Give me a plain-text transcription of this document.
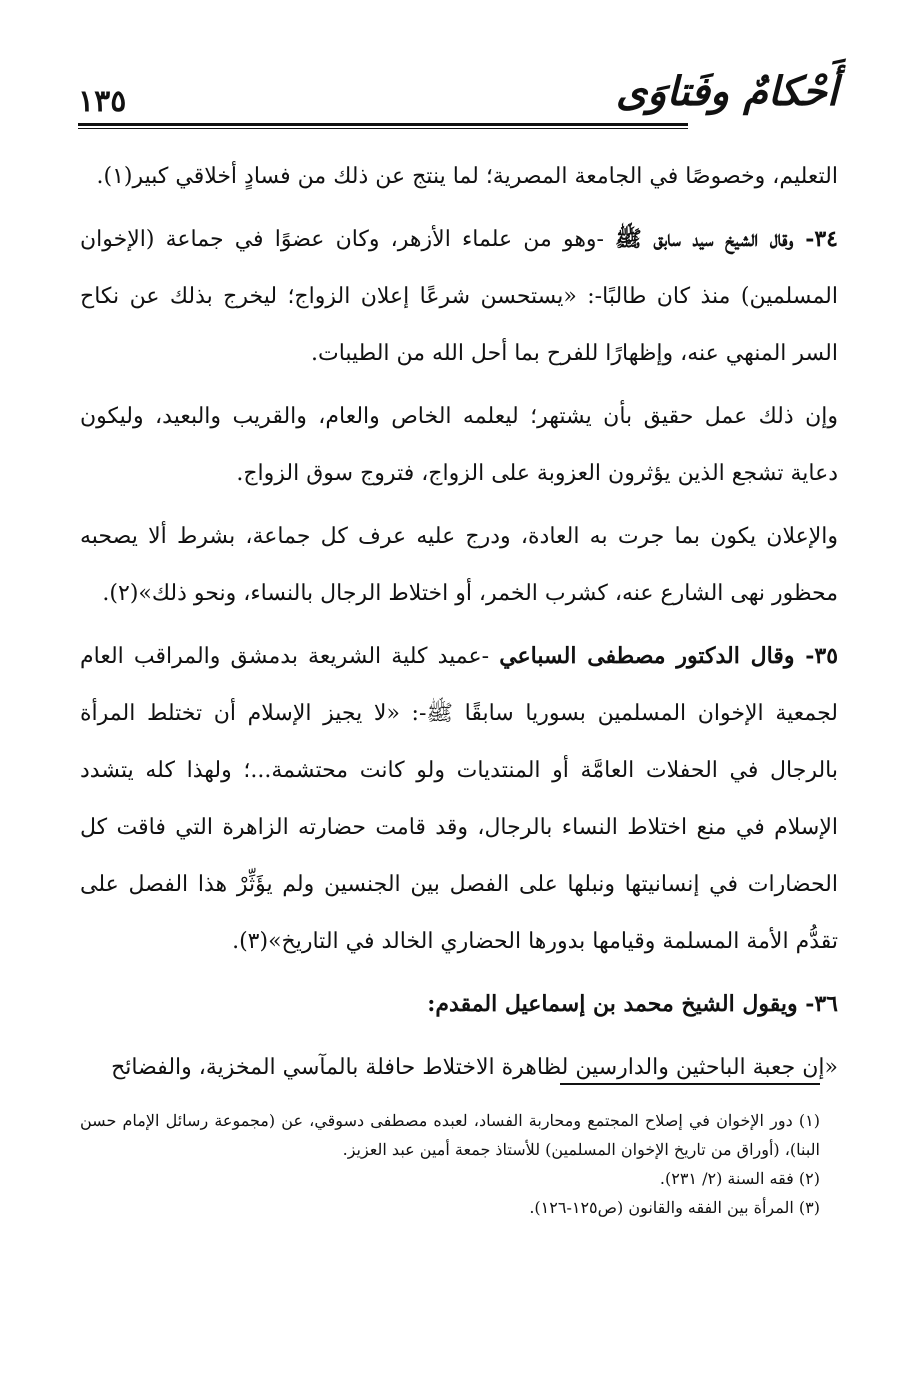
أَحْكامٌ وفَتاوَى
١٣٥

التعليم، وخصوصًا في الجامعة المصرية؛ لما ينتج عن ذلك من فسادٍ أخلاقي كبير(١).

٣٤- وقال الشيخ سيد سابق ﷺ -وهو من علماء الأزهر، وكان عضوًا في جماعة (الإخوان المسلمين) منذ كان طالبًا-: «يستحسن شرعًا إعلان الزواج؛ ليخرج بذلك عن نكاح السر المنهي عنه، وإظهارًا للفرح بما أحل الله من الطيبات.

وإن ذلك عمل حقيق بأن يشتهر؛ ليعلمه الخاص والعام، والقريب والبعيد، وليكون دعاية تشجع الذين يؤثرون العزوبة على الزواج، فتروج سوق الزواج.

والإعلان يكون بما جرت به العادة، ودرج عليه عرف كل جماعة، بشرط ألا يصحبه محظور نهى الشارع عنه، كشرب الخمر، أو اختلاط الرجال بالنساء، ونحو ذلك»(٢).

٣٥- وقال الدكتور مصطفى السباعي -عميد كلية الشريعة بدمشق والمراقب العام لجمعية الإخوان المسلمين بسوريا سابقًا ﷺ-: «لا يجيز الإسلام أن تختلط المرأة بالرجال في الحفلات العامَّة أو المنتديات ولو كانت محتشمة...؛ ولهذا كله يتشدد الإسلام في منع اختلاط النساء بالرجال، وقد قامت حضارته الزاهرة التي فاقت كل الحضارات في إنسانيتها ونبلها على الفصل بين الجنسين ولم يؤَثِّرْ هذا الفصل على تقدُّم الأمة المسلمة وقيامها بدورها الحضاري الخالد في التاريخ»(٣).

٣٦- ويقول الشيخ محمد بن إسماعيل المقدم:

«إن جعبة الباحثين والدارسين لظاهرة الاختلاط حافلة بالمآسي المخزية، والفضائح

(١) دور الإخوان في إصلاح المجتمع ومحاربة الفساد، لعبده مصطفى دسوقي، عن (مجموعة رسائل الإمام حسن البنا)، (أوراق من تاريخ الإخوان المسلمين) للأستاذ جمعة أمين عبد العزيز.

(٢) فقه السنة (٢/ ٢٣١).

(٣) المرأة بين الفقه والقانون (ص١٢٥-١٢٦).
